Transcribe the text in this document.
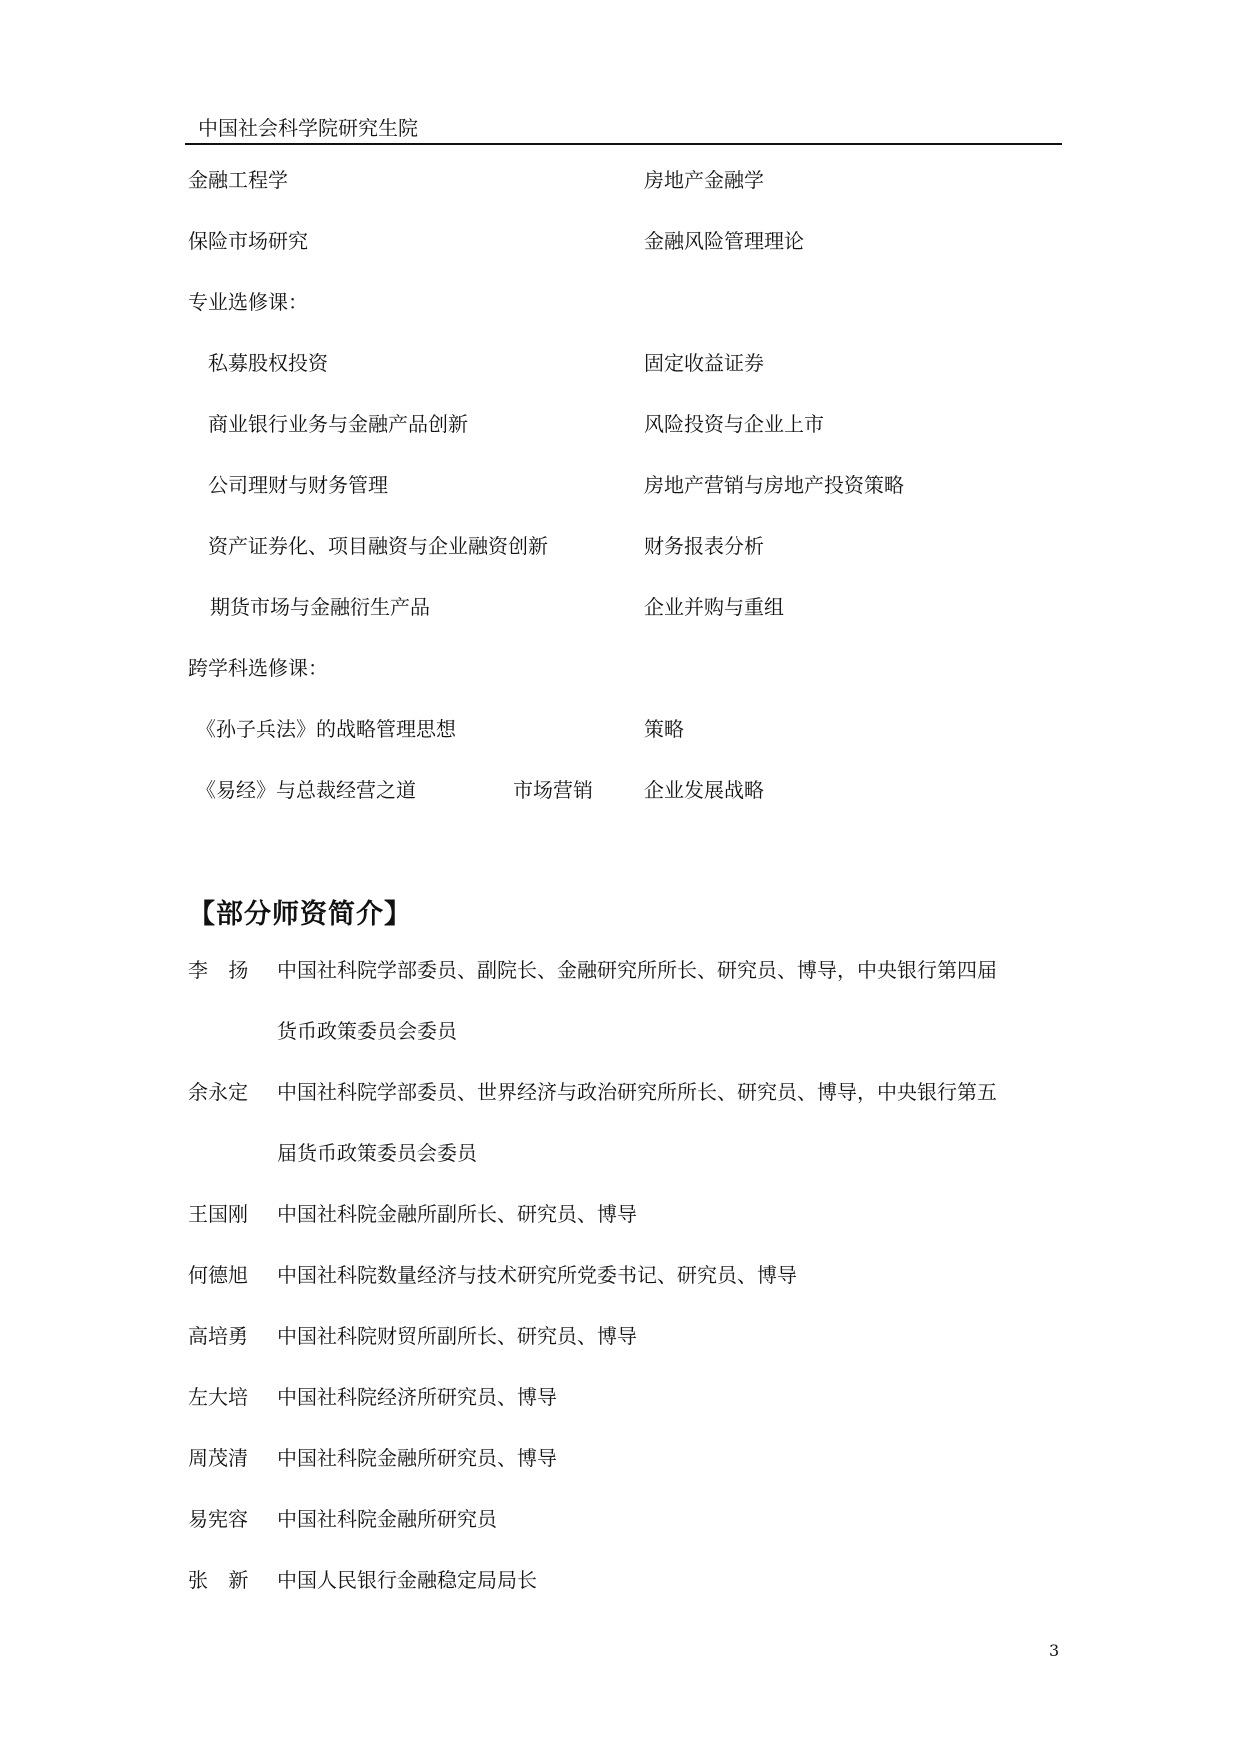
中国社会科学院研究生院
金融工程学	房地产金融学
保险市场研究	金融风险管理理论
专业选修课：
私募股权投资	固定收益证券
商业银行业务与金融产品创新	风险投资与企业上市
公司理财与财务管理	房地产营销与房地产投资策略
资产证券化、项目融资与企业融资创新	财务报表分析
期货市场与金融衍生产品	企业并购与重组
跨学科选修课：
《孙子兵法》的战略管理思想	策略
《易经》与总裁经营之道	市场营销	企业发展战略
【部分师资简介】
李 扬 中国社科院学部委员、副院长、金融研究所所长、研究员、博导，中央银行第四届
货币政策委员会委员
余永定 中国社科院学部委员、世界经济与政治研究所所长、研究员、博导，中央银行第五
届货币政策委员会委员
王国刚 中国社科院金融所副所长、研究员、博导
何德旭 中国社科院数量经济与技术研究所党委书记、研究员、博导
高培勇 中国社科院财贸所副所长、研究员、博导
左大培 中国社科院经济所研究员、博导
周茂清 中国社科院金融所研究员、博导
易宪容 中国社科院金融所研究员
张 新 中国人民银行金融稳定局局长
3
